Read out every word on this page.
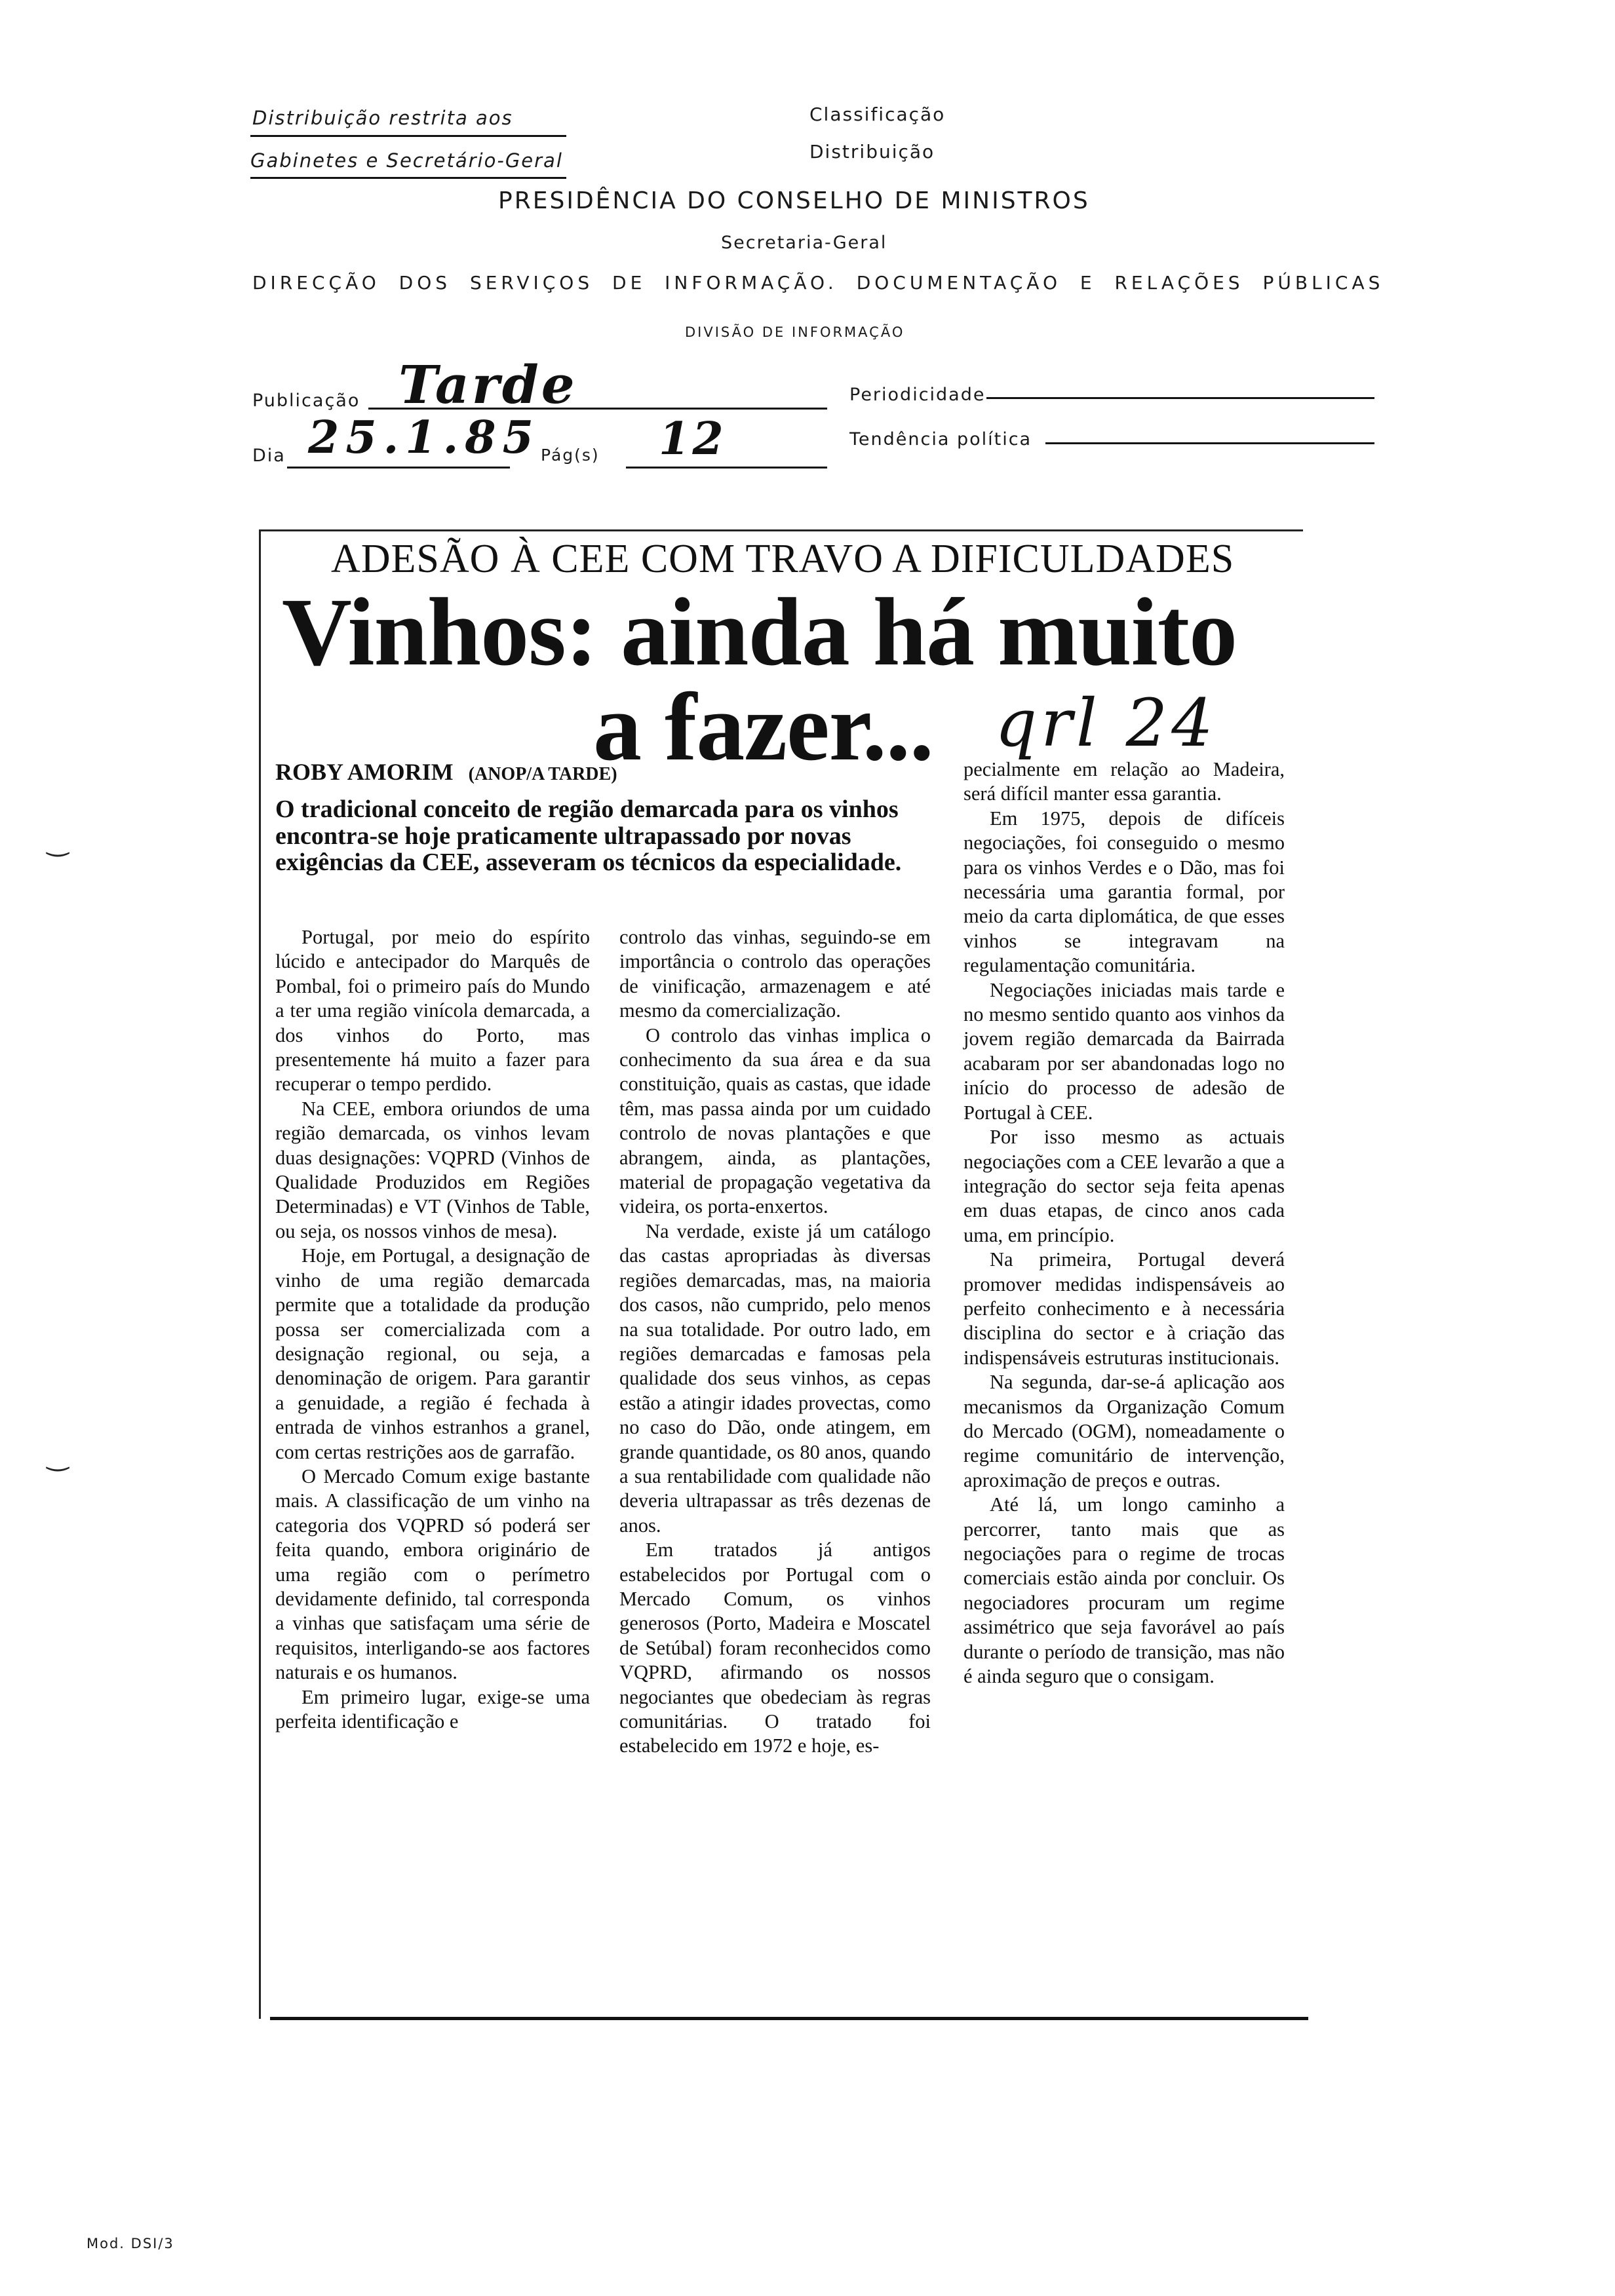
Distribuição restrita aos
Gabinetes e Secretário-Geral
Classificação
Distribuição
PRESIDÊNCIA DO CONSELHO DE MINISTROS
Secretaria-Geral
DIRECÇÃO DOS SERVIÇOS DE INFORMAÇÃO. DOCUMENTAÇÃO E RELAÇÕES PÚBLICAS
DIVISÃO DE INFORMAÇÃO
Publicação Tarde	Periodicidade
Dia 25.1.85 Pág(s) 12	Tendência política
ADESÃO À CEE COM TRAVO A DIFICULDADES
Vinhos: ainda há muito
a fazer... qrl 24
ROBY AMORIM (ANOP/A TARDE)
O tradicional conceito de região demarcada para os vinhos encontra-se hoje praticamente ultrapassado por novas exigências da CEE, asseveram os técnicos da especialidade.

Portugal, por meio do espírito lúcido e antecipador do Marquês de Pombal, foi o primeiro país do Mundo a ter uma região vinícola demarcada, a dos vinhos do Porto, mas presentemente há muito a fazer para recuperar o tempo perdido.

Na CEE, embora oriundos de uma região demarcada, os vinhos levam duas designações: VQPRD (Vinhos de Qualidade Produzidos em Regiões Determinadas) e VT (Vinhos de Table, ou seja, os nossos vinhos de mesa).

Hoje, em Portugal, a designação de vinho de uma região demarcada permite que a totalidade da produção possa ser comercializada com a designação regional, ou seja, a denominação de origem. Para garantir a genuidade, a região é fechada à entrada de vinhos estranhos a granel, com certas restrições aos de garrafão.

O Mercado Comum exige bastante mais. A classificação de um vinho na categoria dos VQPRD só poderá ser feita quando, embora originário de uma região com o perímetro devidamente definido, tal corresponda a vinhas que satisfaçam uma série de requisitos, interligando-se aos factores naturais e os humanos.

Em primeiro lugar, exige-se uma perfeita identificação e

controlo das vinhas, seguindo-se em importância o controlo das operações de vinificação, armazenagem e até mesmo da comercialização.

O controlo das vinhas implica o conhecimento da sua área e da sua constituição, quais as castas, que idade têm, mas passa ainda por um cuidado controlo de novas plantações e que abrangem, ainda, as plantações, material de propagação vegetativa da videira, os porta-enxertos.

Na verdade, existe já um catálogo das castas apropriadas às diversas regiões demarcadas, mas, na maioria dos casos, não cumprido, pelo menos na sua totalidade. Por outro lado, em regiões demarcadas e famosas pela qualidade dos seus vinhos, as cepas estão a atingir idades provectas, como no caso do Dão, onde atingem, em grande quantidade, os 80 anos, quando a sua rentabilidade com qualidade não deveria ultrapassar as três dezenas de anos.

Em tratados já antigos estabelecidos por Portugal com o Mercado Comum, os vinhos generosos (Porto, Madeira e Moscatel de Setúbal) foram reconhecidos como VQPRD, afirmando os nossos negociantes que obedeciam às regras comunitárias. O tratado foi estabelecido em 1972 e hoje, es-

pecialmente em relação ao Madeira, será difícil manter essa garantia.

Em 1975, depois de difíceis negociações, foi conseguido o mesmo para os vinhos Verdes e o Dão, mas foi necessária uma garantia formal, por meio da carta diplomática, de que esses vinhos se integravam na regulamentação comunitária.

Negociações iniciadas mais tarde e no mesmo sentido quanto aos vinhos da jovem região demarcada da Bairrada acabaram por ser abandonadas logo no início do processo de adesão de Portugal à CEE.

Por isso mesmo as actuais negociações com a CEE levarão a que a integração do sector seja feita apenas em duas etapas, de cinco anos cada uma, em princípio.

Na primeira, Portugal deverá promover medidas indispensáveis ao perfeito conhecimento e à necessária disciplina do sector e à criação das indispensáveis estruturas institucionais.

Na segunda, dar-se-á aplicação aos mecanismos da Organização Comum do Mercado (OGM), nomeadamente o regime comunitário de intervenção, aproximação de preços e outras.

Até lá, um longo caminho a percorrer, tanto mais que as negociações para o regime de trocas comerciais estão ainda por concluir. Os negociadores procuram um regime assimétrico que seja favorável ao país durante o período de transição, mas não é ainda seguro que o consigam.

‿
‿
Mod. DSI/3
